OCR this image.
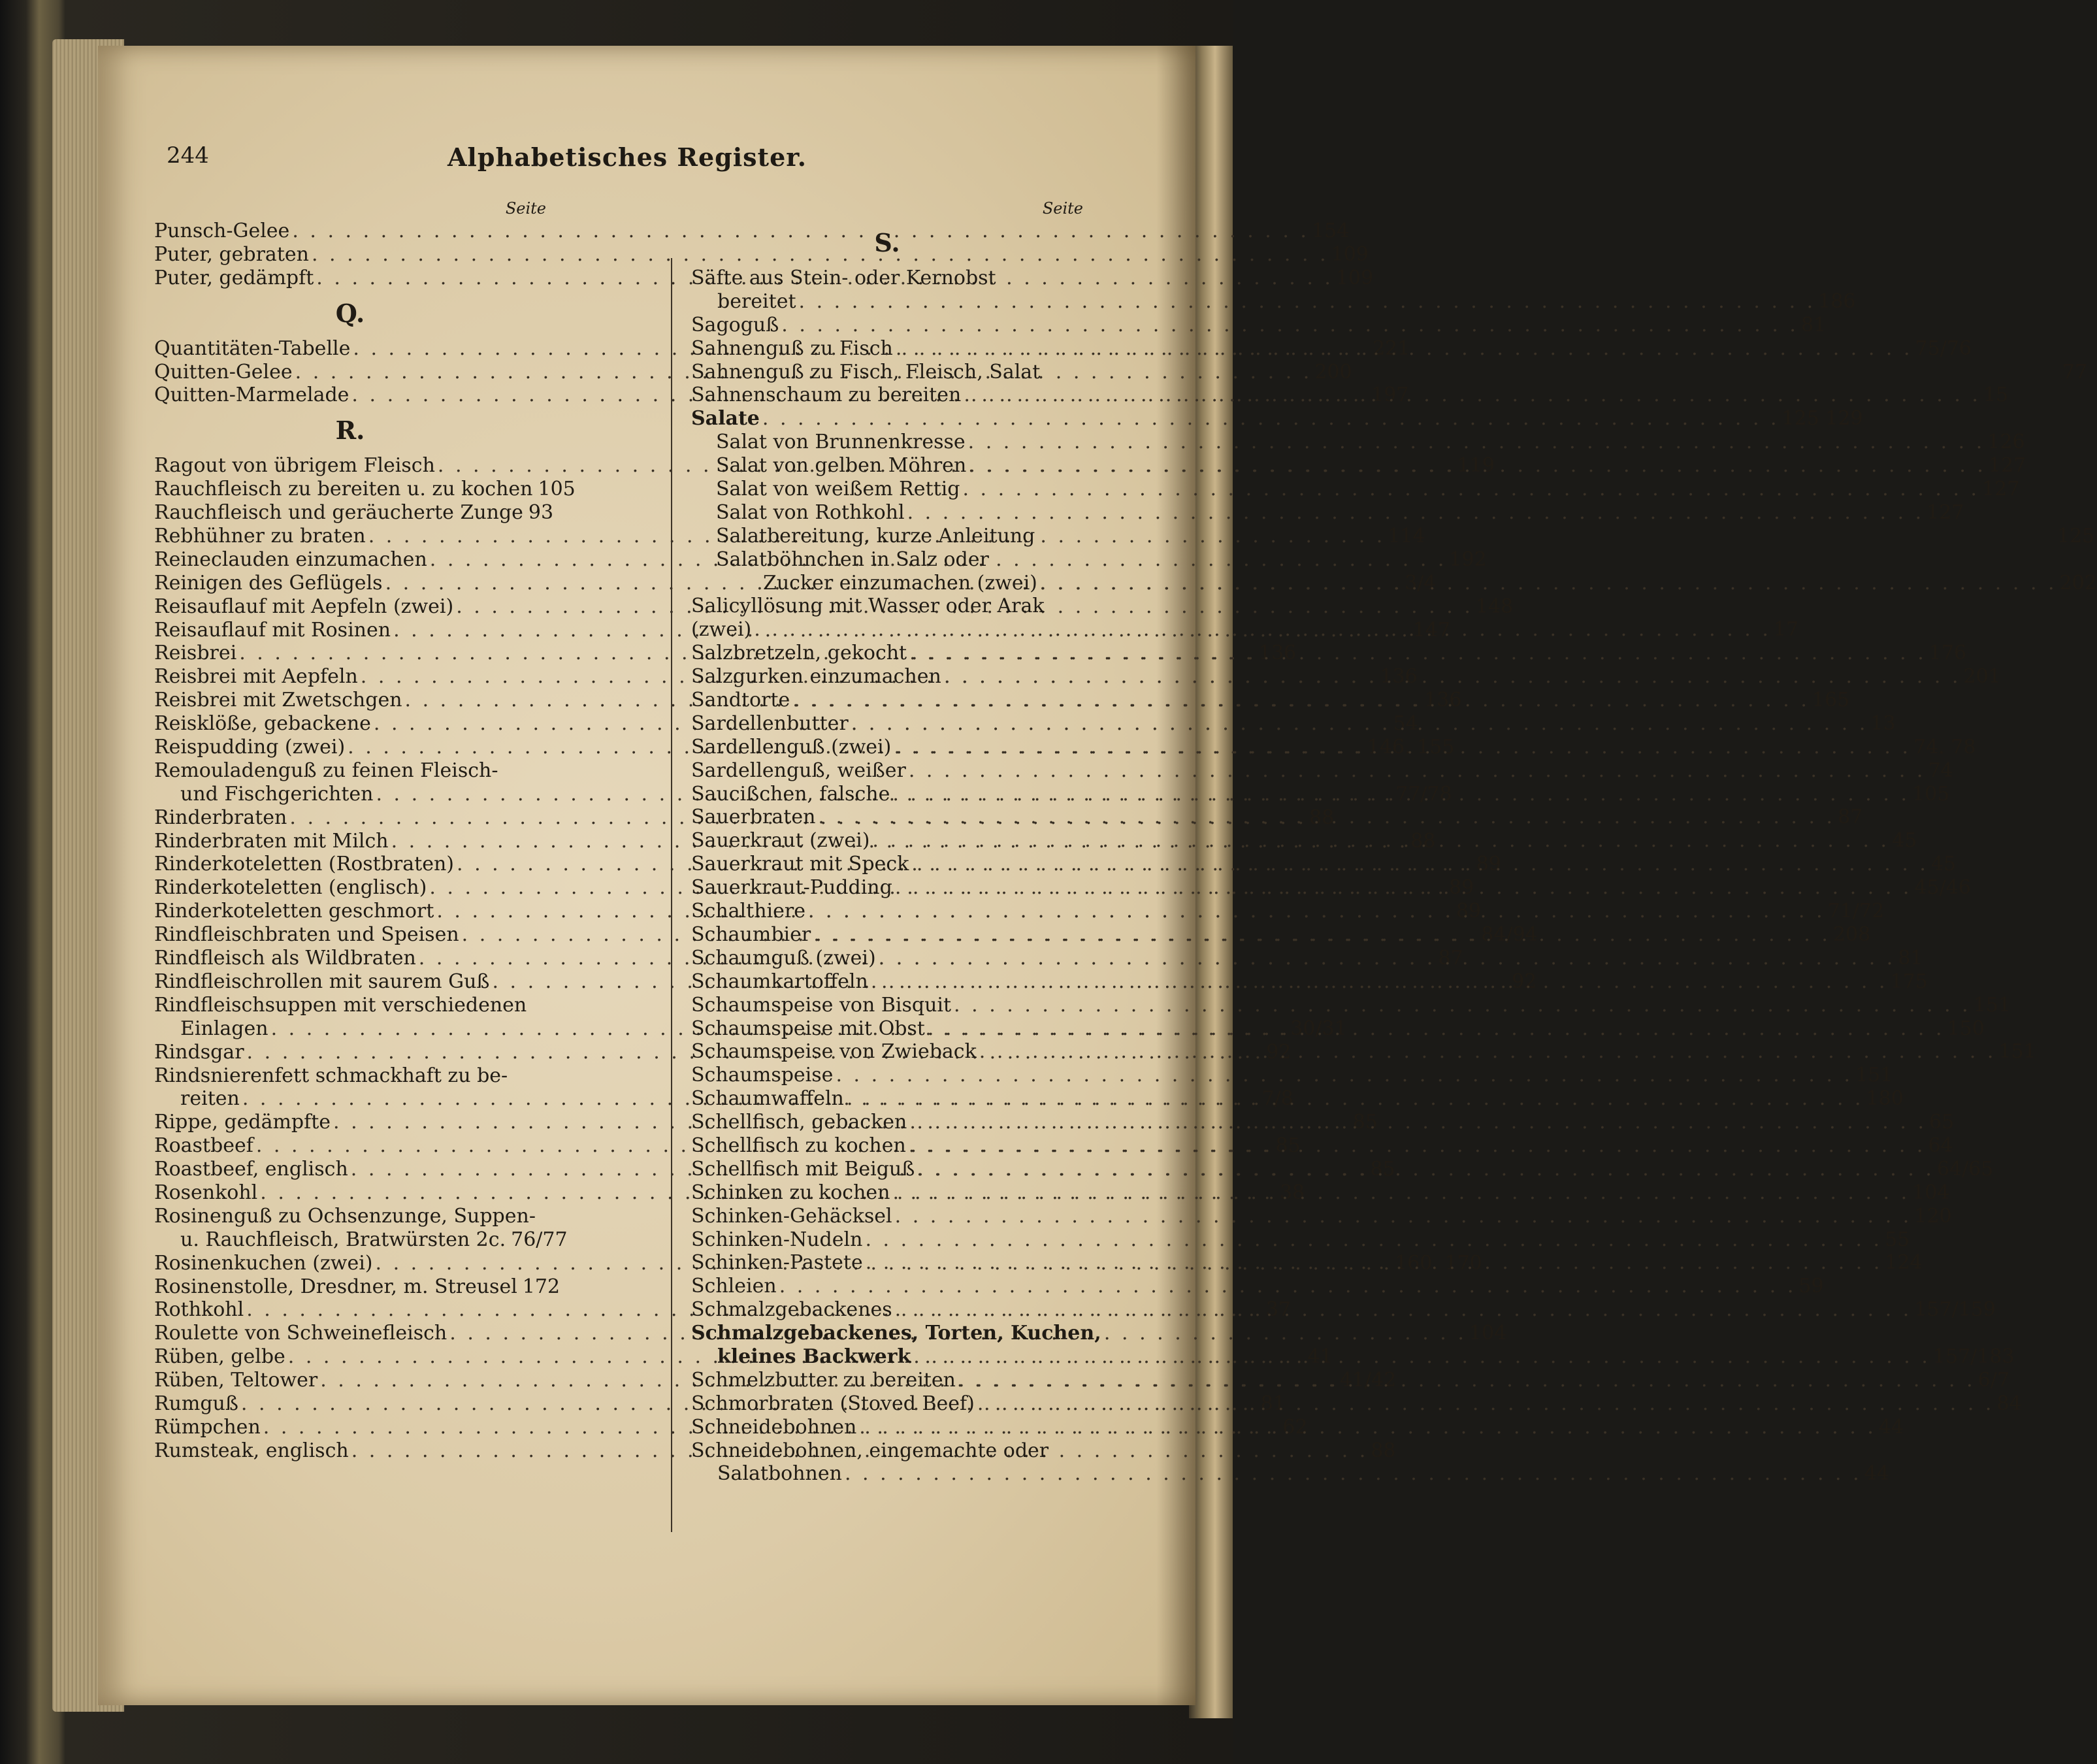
244	Alphabetisches Register.
Seite
Punsch-Gelee . . .	154
Puter, gebraten . . .	109
Puter, gedämpft . . .	109
Q.
Quantitäten-Tabelle . . .	221
Quitten-Gelee . . .	200
Quitten-Marmelade . . .	197
R.
Ragout von übrigem Fleisch . . .	119
Rauchfleisch zu bereiten u. zu kochen 105
Rauchfleisch und geräucherte Zunge 93
Rebhühner zu braten . . .	114
Reineclauden einzumachen . . .	192
Reinigen des Geflügels . . .	3/4
Reisauflauf mit Aepfeln (zwei) . . .	148
Reisauflauf mit Rosinen . . .	147
Reisbrei . . .	136
Reisbrei mit Aepfeln . . .	136
Reisbrei mit Zwetschgen . . .	136
Reisklöße, gebackene . . .	54
Reispudding (zwei) . . .	146. 155
Remouladenguß zu feinen Fleisch-
und Fischgerichten . . .	77/78
Rinderbraten . . .	88
Rinderbraten mit Milch . . .	88
Rinderkoteletten (Rostbraten) . . .	89
Rinderkoteletten (englisch) . . .	89
Rinderkoteletten geschmort . . .	89
Rindfleischbraten und Speisen . . .	84/94
Rindfleisch als Wildbraten . . .	87
Rindfleischrollen mit saurem Guß . . .	92
Rindfleischsuppen mit verschiedenen
Einlagen . . .	30/31
Rindsgar . . .	92
Rindsnierenfett schmackhaft zu be-
reiten . . .	7/8
Rippe, gedämpfte . . .	85
Roastbeef . . .	85
Roastbeef, englisch . . .	85
Rosenkohl . . .	38
Rosinenguß zu Ochsenzunge, Suppen-
u. Rauchfleisch, Bratwürsten 2c. 76/77
Rosinenkuchen (zwei) . . .	160. 170
Rosinenstolle, Dresdner, m. Streusel 172
Rothkohl . . .	37
Roulette von Schweinefleisch . . .	104
Rüben, gelbe . . .	41
Rüben, Teltower . . .	41/42
Rumguß . . .	81
Rümpchen . . .	62
Rumsteak, englisch . . .	88
Seite
S.
Säfte aus Stein- oder Kernobst
bereitet . . .	186
Sagoguß . . .	81
Sahnenguß zu Fisch . . .	75/76
Sahnenguß zu Fisch, Fleisch, Salat	77
Sahnenschaum zu bereiten . . .	15
Salate . . .	125 129
Salat von Brunnenkresse . . .	126
Salat von gelben Möhren . . .	127
Salat von weißem Rettig . . .	127
Salat von Rothkohl . . .	127
Salatbereitung, kurze Anleitung	125
Salatböhnchen in Salz oder
Zucker einzumachen (zwei) . . .	202
Salicyllösung mit Wasser oder Arak
(zwei) . . .	17
Salzbretzeln, gekocht . . .	176
Salzgurken einzumachen . . .	201
Sandtorte . . .	165
Sardellenbutter . . .	13
Sardellenguß (zwei) . . .	74. 78
Sardellenguß, weißer . . .	74
Saucißchen, falsche . . .	105
Sauerbraten . . .	87
Sauerkraut (zwei) . . .	45
Sauerkraut mit Speck . . .	45
Sauerkraut-Pudding . . .	45/46
Schalthiere . . .	71/72
Schaumbier . . .	208
Schaumguß (zwei) . . .	81
Schaumkartoffeln . . .	175
Schaumspeise von Bisquit . . .	151
Schaumspeise mit Obst . . .	150
Schaumspeise von Zwieback . . .	151
Schaumspeise . . .	151
Schaumwaffeln . . .	180
Schellfisch, gebacken . . .	65
Schellfisch zu kochen . . .	64
Schellfisch mit Beiguß . . .	64/65
Schinken zu kochen . . .	104
Schinken-Gehäcksel . . .	120
Schinken-Nudeln . . .	55
Schinken-Pastete . . .	124
Schleien . . .	59
Schmalzgebackenes . . .	157/159
Schmalzgebackenes, Torten, Kuchen,
kleines Backwerk . . .	157/183
Schmelzbutter zu bereiten . . .	6/7
Schmorbraten (Stoved Beef) . . .	84
Schneidebohnen . . .	44
Schneidebohnen, eingemachte oder
Salatbohnen . . .	44
